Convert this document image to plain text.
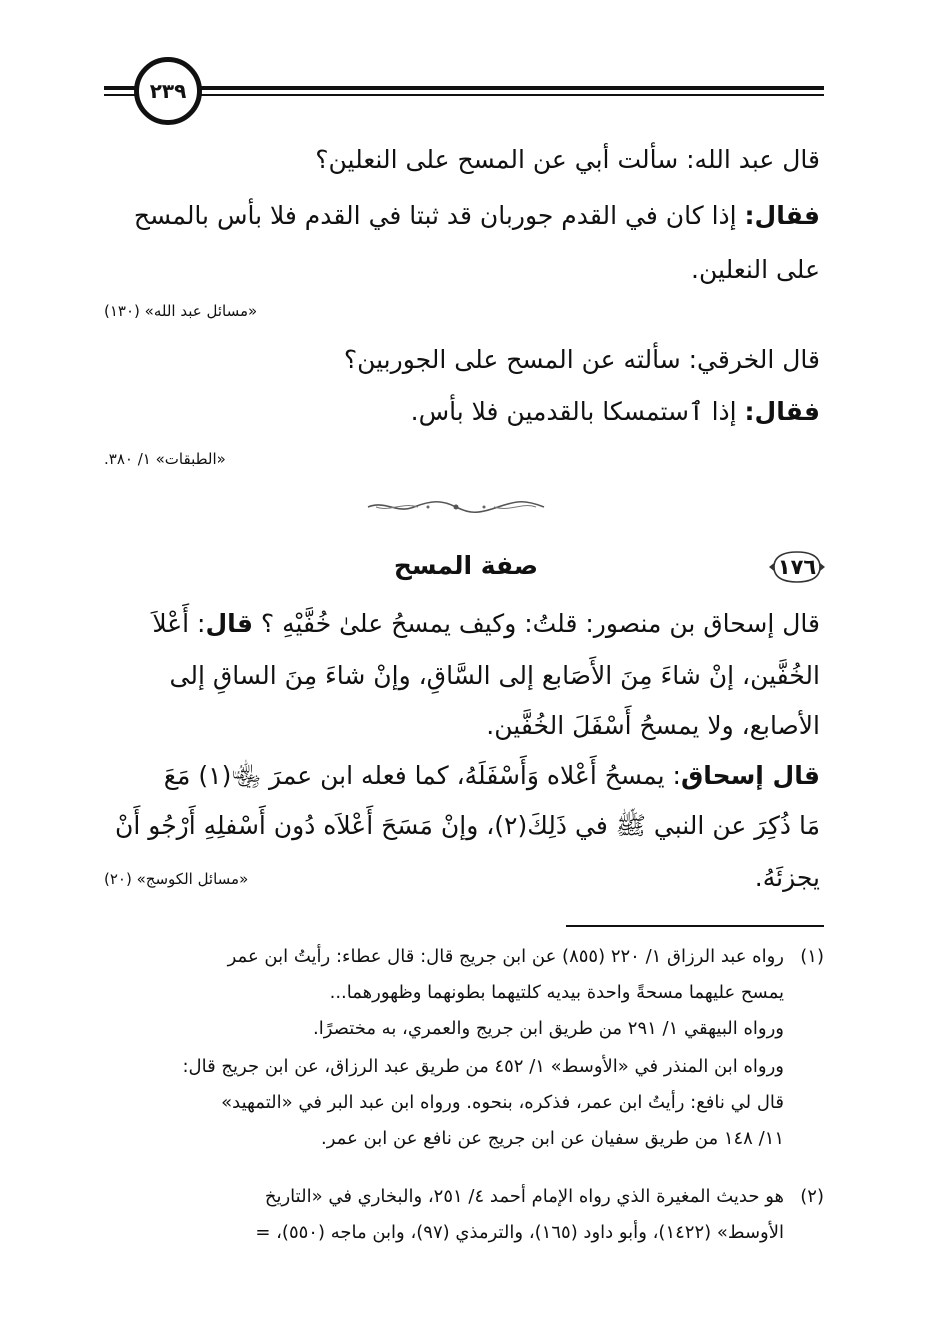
٢٣٩
قال عبد الله: سألت أبي عن المسح على النعلين؟
فقال: إذا كان في القدم جوربان قد ثبتا في القدم فلا بأس بالمسح
على النعلين.
«مسائل عبد الله» (١٣٠)
قال الخرقي: سألته عن المسح على الجوربين؟
فقال: إذا ٱستمسكا بالقدمين فلا بأس.
«الطبقات» ١/ ٣٨٠.
١٧٦
صفة المسح
قال إسحاق بن منصور: قلتُ: وكيف يمسحُ علىٰ خُفَّيْهِ ؟ قال: أَعْلاَ
الخُفَّين، إنْ شاءَ مِنَ الأَصَابع إلى السَّاقِ، وإنْ شاءَ مِنَ الساقِ إلى
الأصابع، ولا يمسحُ أَسْفَلَ الخُفَّين.
قال إسحاق: يمسحُ أَعْلاه وَأَسْفَلَهُ، كما فعله ابن عمرَ ﵄(١) مَعَ
مَا ذُكِرَ عن النبي ﷺ في ذَلِكَ(٢)، وإنْ مَسَحَ أَعْلاَه دُون أَسْفلِهِ أَرْجُو أَنْ
يجزئَهُ.
«مسائل الكوسج» (٢٠)
(١)
رواه عبد الرزاق ١/ ٢٢٠ (٨٥٥) عن ابن جريج قال: قال عطاء: رأيتُ ابن عمر
يمسح عليهما مسحةً واحدة بيديه كلتيهما بطونهما وظهورهما...
ورواه البيهقي ١/ ٢٩١ من طريق ابن جريج والعمري، به مختصرًا.
ورواه ابن المنذر في «الأوسط» ١/ ٤٥٢ من طريق عبد الرزاق، عن ابن جريج قال:
قال لي نافع: رأيتُ ابن عمر، فذكره، بنحوه. ورواه ابن عبد البر في «التمهيد»
١١/ ١٤٨ من طريق سفيان عن ابن جريج عن نافع عن ابن عمر.
(٢)
هو حديث المغيرة الذي رواه الإمام أحمد ٤/ ٢٥١، والبخاري في «التاريخ
الأوسط» (١٤٢٢)، وأبو داود (١٦٥)، والترمذي (٩٧)، وابن ماجه (٥٥٠)، =
